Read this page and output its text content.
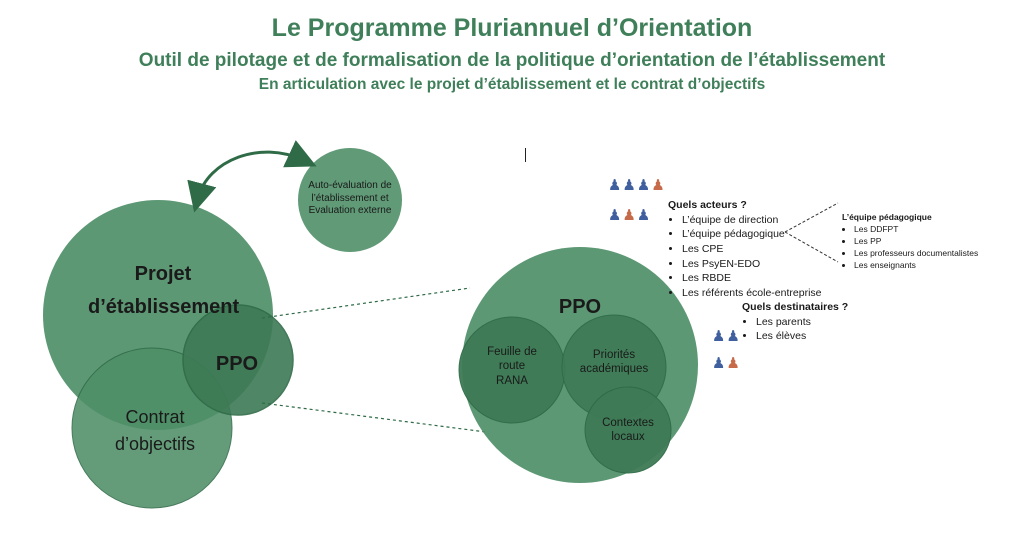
Le Programme Pluriannuel d’Orientation
Outil de pilotage et de formalisation de la politique d’orientation de l’établissement
En articulation avec le projet d’établissement et le contrat d’objectifs
Projet
d’établissement
PPO
Contrat
d’objectifs
Auto-évaluation de
l’établissement et
Evaluation externe
PPO
Feuille de
route
RANA
Priorités
académiques
Contextes
locaux
♟♟♟♟
♟♟♟
♟♟
♟♟
Quels acteurs ?
• L’équipe de direction
• L’équipe pédagogique
• Les CPE
• Les PsyEN-EDO
• Les RBDE
• Les référents école-entreprise
L’équipe pédagogique
• Les DDFPT
• Les PP
• Les professeurs documentalistes
• Les enseignants
Quels destinataires ?
• Les parents
• Les élèves
